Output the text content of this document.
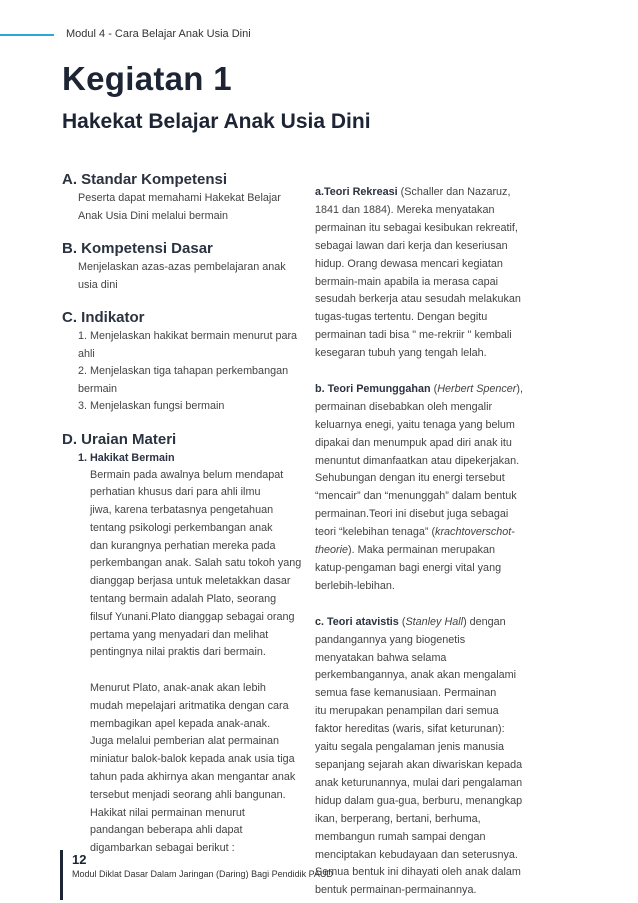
Modul 4 - Cara Belajar Anak Usia Dini
Kegiatan 1
Hakekat Belajar Anak Usia Dini
A. Standar Kompetensi
Peserta dapat memahami Hakekat Belajar
Anak Usia Dini melalui bermain
B. Kompetensi Dasar
Menjelaskan azas-azas pembelajaran anak
usia dini
C. Indikator
1. Menjelaskan hakikat bermain menurut para
ahli
2. Menjelaskan tiga tahapan perkembangan
bermain
3. Menjelaskan fungsi bermain
D. Uraian Materi
1. Hakikat Bermain
Bermain pada awalnya belum mendapat
perhatian khusus dari para ahli ilmu
jiwa, karena terbatasnya pengetahuan
tentang psikologi perkembangan anak
dan kurangnya perhatian mereka pada
perkembangan anak. Salah satu tokoh yang
dianggap berjasa untuk meletakkan dasar
tentang bermain adalah Plato, seorang
filsuf Yunani.Plato dianggap sebagai orang
pertama yang menyadari dan melihat
pentingnya nilai praktis dari bermain.
Menurut Plato, anak-anak akan lebih
mudah mepelajari aritmatika dengan cara
membagikan apel kepada anak-anak.
Juga melalui pemberian alat permainan
miniatur balok-balok kepada anak usia tiga
tahun pada akhirnya akan mengantar anak
tersebut menjadi seorang ahli bangunan.
Hakikat nilai permainan menurut
pandangan beberapa ahli dapat
digambarkan sebagai berikut :
a.Teori Rekreasi (Schaller dan Nazaruz,
1841 dan 1884). Mereka menyatakan
permainan itu sebagai kesibukan rekreatif,
sebagai lawan dari kerja dan keseriusan
hidup. Orang dewasa mencari kegiatan
bermain-main apabila ia merasa capai
sesudah berkerja atau sesudah melakukan
tugas-tugas tertentu. Dengan begitu
permainan tadi bisa " me-rekriir " kembali
kesegaran tubuh yang tengah lelah.
b. Teori Pemunggahan (Herbert Spencer),
permainan disebabkan oleh mengalir
keluarnya enegi, yaitu tenaga yang belum
dipakai dan menumpuk apad diri anak itu
menuntut dimanfaatkan atau dipekerjakan.
Sehubungan dengan itu energi tersebut
“mencair” dan “menunggah” dalam bentuk
permainan.Teori ini disebut juga sebagai
teori “kelebihan tenaga” (krachtoverschot-
theorie). Maka permainan merupakan
katup-pengaman bagi energi vital yang
berlebih-lebihan.
c. Teori atavistis (Stanley Hall) dengan
pandangannya yang biogenetis
menyatakan bahwa selama
perkembangannya, anak akan mengalami
semua fase kemanusiaan. Permainan
itu merupakan penampilan dari semua
faktor hereditas (waris, sifat keturunan):
yaitu segala pengalaman jenis manusia
sepanjang sejarah akan diwariskan kepada
anak keturunannya, mulai dari pengalaman
hidup dalam gua-gua, berburu, menangkap
ikan, berperang, bertani, berhuma,
membangun rumah sampai dengan
menciptakan kebudayaan dan seterusnya.
Semua bentuk ini dihayati oleh anak dalam
bentuk permainan-permainannya.
12
Modul Diklat Dasar Dalam Jaringan (Daring) Bagi Pendidik PAUD
